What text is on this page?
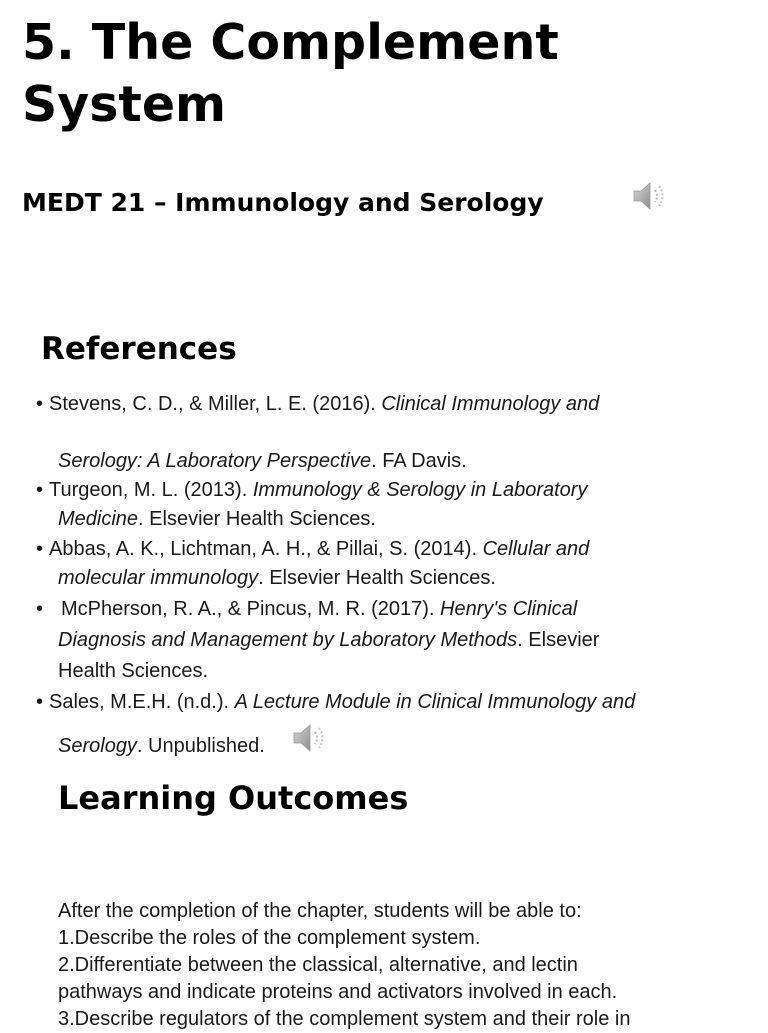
5. The Complement System
MEDT 21 – Immunology and Serology
References
• Stevens, C. D., & Miller, L. E. (2016). Clinical Immunology and
Serology: A Laboratory Perspective. FA Davis.
• Turgeon, M. L. (2013). Immunology & Serology in Laboratory
Medicine. Elsevier Health Sciences.
• Abbas, A. K., Lichtman, A. H., & Pillai, S. (2014). Cellular and
molecular immunology. Elsevier Health Sciences.
• McPherson, R. A., & Pincus, M. R. (2017). Henry's Clinical
Diagnosis and Management by Laboratory Methods. Elsevier
Health Sciences.
• Sales, M.E.H. (n.d.). A Lecture Module in Clinical Immunology and
Serology. Unpublished.
Learning Outcomes
After the completion of the chapter, students will be able to:
1.Describe the roles of the complement system.
2.Differentiate between the classical, alternative, and lectin
pathways and indicate proteins and activators involved in each.
3.Describe regulators of the complement system and their role in
